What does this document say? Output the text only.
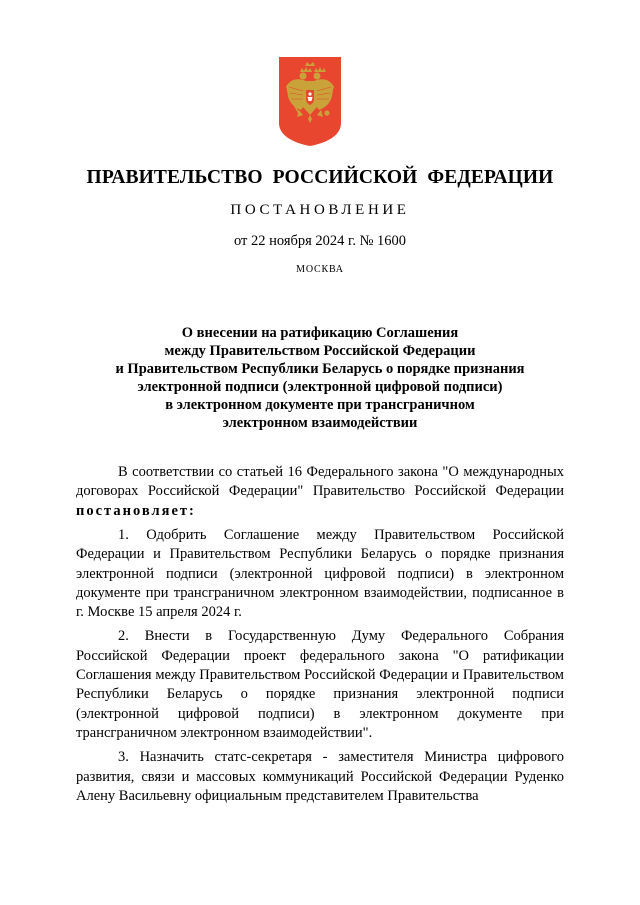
ПРАВИТЕЛЬСТВО РОССИЙСКОЙ ФЕДЕРАЦИИ
ПОСТАНОВЛЕНИЕ
от 22 ноября 2024 г. № 1600
МОСКВА
О внесении на ратификацию Соглашения
между Правительством Российской Федерации
и Правительством Республики Беларусь о порядке признания
электронной подписи (электронной цифровой подписи)
в электронном документе при трансграничном
электронном взаимодействии

В соответствии со статьей 16 Федерального закона "О международных договорах Российской Федерации" Правительство Российской Федерации постановляет:

1. Одобрить Соглашение между Правительством Российской Федерации и Правительством Республики Беларусь о порядке признания электронной подписи (электронной цифровой подписи) в электронном документе при трансграничном электронном взаимодействии, подписанное в г. Москве 15 апреля 2024 г.

2. Внести в Государственную Думу Федерального Собрания Российской Федерации проект федерального закона "О ратификации Соглашения между Правительством Российской Федерации и Правительством Республики Беларусь о порядке признания электронной подписи (электронной цифровой подписи) в электронном документе при трансграничном электронном взаимодействии".

3. Назначить статс-секретаря - заместителя Министра цифрового развития, связи и массовых коммуникаций Российской Федерации Руденко Алену Васильевну официальным представителем Правительства
